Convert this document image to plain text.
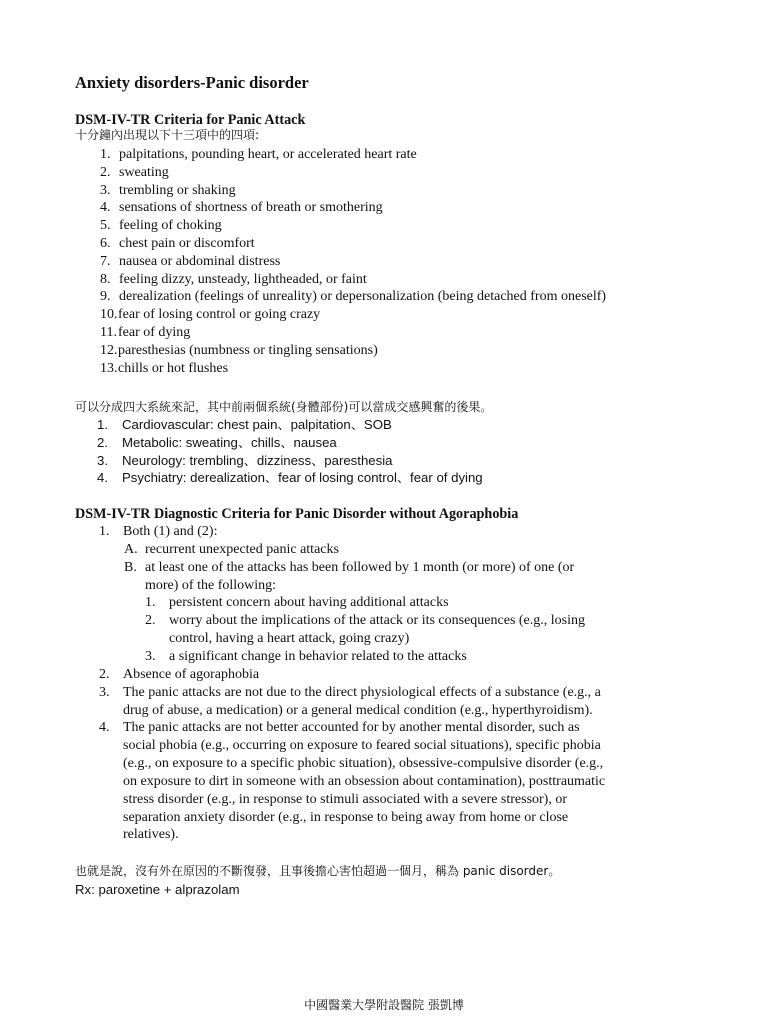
Anxiety disorders-Panic disorder
DSM-IV-TR Criteria for Panic Attack
十分鐘內出現以下十三項中的四項:
1. palpitations, pounding heart, or accelerated heart rate
2. sweating
3. trembling or shaking
4. sensations of shortness of breath or smothering
5. feeling of choking
6. chest pain or discomfort
7. nausea or abdominal distress
8. feeling dizzy, unsteady, lightheaded, or faint
9. derealization (feelings of unreality) or depersonalization (being detached from oneself)
10.fear of losing control or going crazy
11.fear of dying
12.paresthesias (numbness or tingling sensations)
13.chills or hot flushes
可以分成四大系統來記，其中前兩個系統(身體部份)可以當成交感興奮的後果。
1. Cardiovascular: chest pain、palpitation、SOB
2. Metabolic: sweating、chills、nausea
3. Neurology: trembling、dizziness、paresthesia
4. Psychiatry: derealization、fear of losing control、fear of dying
DSM-IV-TR Diagnostic Criteria for Panic Disorder without Agoraphobia
1. Both (1) and (2):
A. recurrent unexpected panic attacks
B. at least one of the attacks has been followed by 1 month (or more) of one (or
more) of the following:
1. persistent concern about having additional attacks
2. worry about the implications of the attack or its consequences (e.g., losing
control, having a heart attack, going crazy)
3. a significant change in behavior related to the attacks
2. Absence of agoraphobia
3. The panic attacks are not due to the direct physiological effects of a substance (e.g., a
drug of abuse, a medication) or a general medical condition (e.g., hyperthyroidism).
4. The panic attacks are not better accounted for by another mental disorder, such as
social phobia (e.g., occurring on exposure to feared social situations), specific phobia
(e.g., on exposure to a specific phobic situation), obsessive-compulsive disorder (e.g.,
on exposure to dirt in someone with an obsession about contamination), posttraumatic
stress disorder (e.g., in response to stimuli associated with a severe stressor), or
separation anxiety disorder (e.g., in response to being away from home or close
relatives).
也就是說，沒有外在原因的不斷復發，且事後擔心害怕超過一個月，稱為 panic disorder。
Rx: paroxetine + alprazolam
中國醫業大學附設醫院 張凱博
